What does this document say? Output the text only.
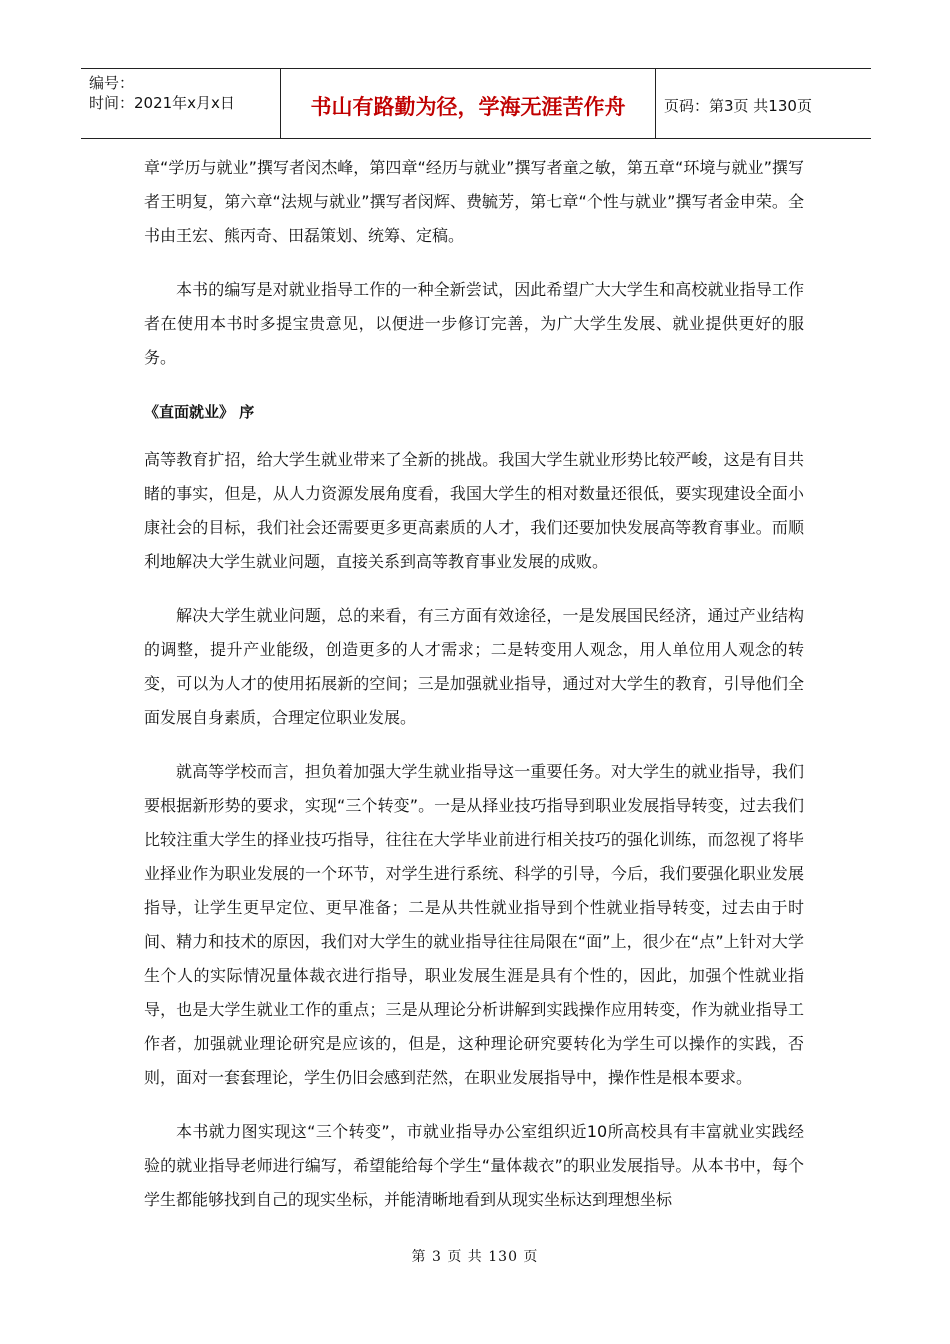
编号：
时间：2021年x月x日	书山有路勤为径，学海无涯苦作舟	页码：第3页 共130页

章“学历与就业”撰写者闵杰峰，第四章“经历与就业”撰写者童之敏，第五章“环境与就业”撰写者王明复，第六章“法规与就业”撰写者闵辉、费毓芳，第七章“个性与就业”撰写者金申荣。全书由王宏、熊丙奇、田磊策划、统筹、定稿。

本书的编写是对就业指导工作的一种全新尝试，因此希望广大大学生和高校就业指导工作者在使用本书时多提宝贵意见，以便进一步修订完善，为广大学生发展、就业提供更好的服务。

《直面就业》 序

高等教育扩招，给大学生就业带来了全新的挑战。我国大学生就业形势比较严峻，这是有目共睹的事实，但是，从人力资源发展角度看，我国大学生的相对数量还很低，要实现建设全面小康社会的目标，我们社会还需要更多更高素质的人才，我们还要加快发展高等教育事业。而顺利地解决大学生就业问题，直接关系到高等教育事业发展的成败。

解决大学生就业问题，总的来看，有三方面有效途径，一是发展国民经济，通过产业结构的调整，提升产业能级，创造更多的人才需求；二是转变用人观念，用人单位用人观念的转变，可以为人才的使用拓展新的空间；三是加强就业指导，通过对大学生的教育，引导他们全面发展自身素质，合理定位职业发展。

就高等学校而言，担负着加强大学生就业指导这一重要任务。对大学生的就业指导，我们要根据新形势的要求，实现“三个转变”。一是从择业技巧指导到职业发展指导转变，过去我们比较注重大学生的择业技巧指导，往往在大学毕业前进行相关技巧的强化训练，而忽视了将毕业择业作为职业发展的一个环节，对学生进行系统、科学的引导，今后，我们要强化职业发展指导，让学生更早定位、更早准备；二是从共性就业指导到个性就业指导转变，过去由于时间、精力和技术的原因，我们对大学生的就业指导往往局限在“面”上，很少在“点”上针对大学生个人的实际情况量体裁衣进行指导，职业发展生涯是具有个性的，因此，加强个性就业指导，也是大学生就业工作的重点；三是从理论分析讲解到实践操作应用转变，作为就业指导工作者，加强就业理论研究是应该的，但是，这种理论研究要转化为学生可以操作的实践，否则，面对一套套理论，学生仍旧会感到茫然，在职业发展指导中，操作性是根本要求。

本书就力图实现这“三个转变”，市就业指导办公室组织近10所高校具有丰富就业实践经验的就业指导老师进行编写，希望能给每个学生“量体裁衣”的职业发展指导。从本书中，每个学生都能够找到自己的现实坐标，并能清晰地看到从现实坐标达到理想坐标

第 3 页 共 130 页
